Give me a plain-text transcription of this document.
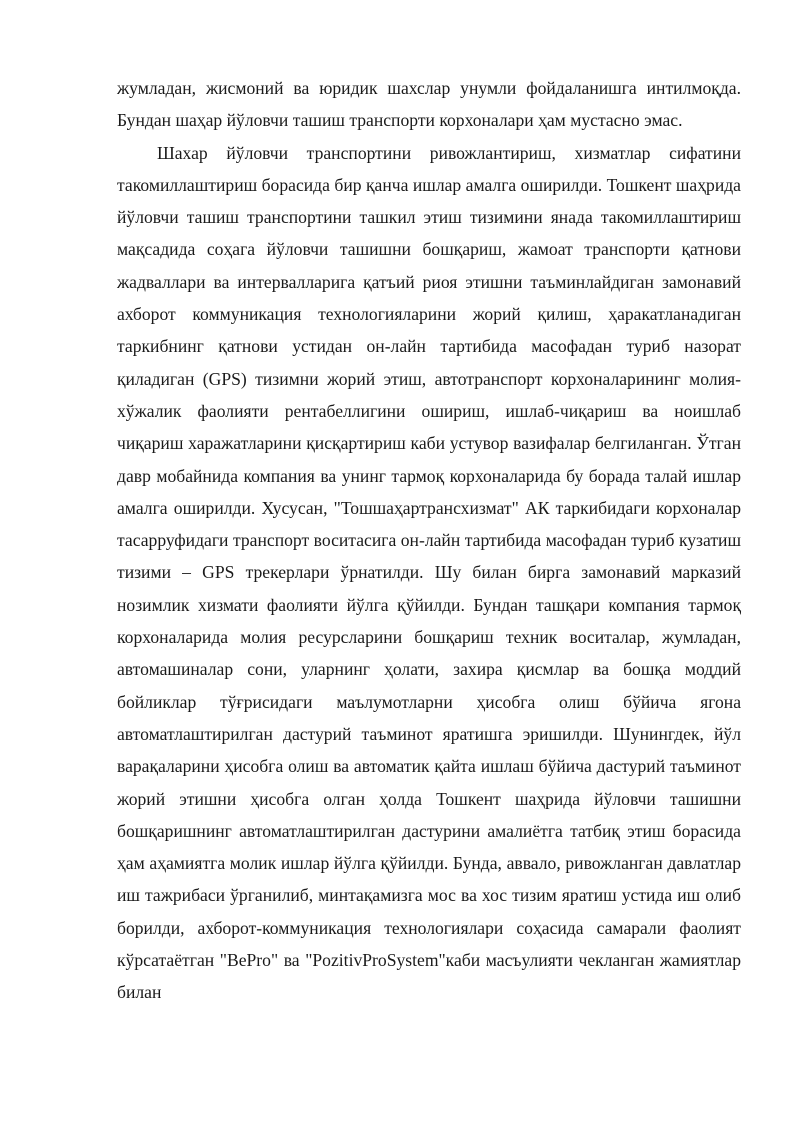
жумладан, жисмоний ва юридик шахслар унумли фойдаланишга интилмоқда. Бундан шаҳар йўловчи ташиш транспорти корхоналари ҳам мустасно эмас.

Шахар йўловчи транспортини ривожлантириш, хизматлар сифатини такомиллаштириш борасида бир қанча ишлар амалга оширилди. Тошкент шаҳрида йўловчи ташиш транспортини ташкил этиш тизимини янада такомиллаштириш мақсадида соҳага йўловчи ташишни бошқариш, жамоат транспорти қатнови жадваллари ва интервалларига қатъий риоя этишни таъминлайдиган замонавий ахборот коммуникация технологияларини жорий қилиш, ҳаракатланадиган таркибнинг қатнови устидан он-лайн тартибида масофадан туриб назорат қиладиган (GPS) тизимни жорий этиш, автотранспорт корхоналарининг молия-хўжалик фаолияти рентабеллигини ошириш, ишлаб-чиқариш ва ноишлаб чиқариш харажатларини қисқартириш каби устувор вазифалар белгиланган. Ўтган давр мобайнида компания ва унинг тармоқ корхоналарида бу борада талай ишлар амалга оширилди. Хусусан, "Тошшаҳартрансхизмат" АК таркибидаги корхоналар тасарруфидаги транспорт воситасига он-лайн тартибида масофадан туриб кузатиш тизими – GPS трекерлари ўрнатилди. Шу билан бирга замонавий марказий нозимлик хизмати фаолияти йўлга қўйилди. Бундан ташқари компания тармоқ корхоналарида молия ресурсларини бошқариш техник воситалар, жумладан, автомашиналар сони, уларнинг ҳолати, захира қисмлар ва бошқа моддий бойликлар тўғрисидаги маълумотларни ҳисобга олиш бўйича ягона автоматлаштирилган дастурий таъминот яратишга эришилди. Шунингдек, йўл варақаларини ҳисобга олиш ва автоматик қайта ишлаш бўйича дастурий таъминот жорий этишни ҳисобга олган ҳолда Тошкент шаҳрида йўловчи ташишни бошқаришнинг автоматлаштирилган дастурини амалиётга татбиқ этиш борасида ҳам аҳамиятга молик ишлар йўлга қўйилди. Бунда, аввало, ривожланган давлатлар иш тажрибаси ўрганилиб, минтақамизга мос ва хос тизим яратиш устида иш олиб борилди, ахборот-коммуникация технологиялари соҳасида самарали фаолият кўрсатаётган "BePro" ва "PozitivProSystem"каби масъулияти чекланган жамиятлар билан
